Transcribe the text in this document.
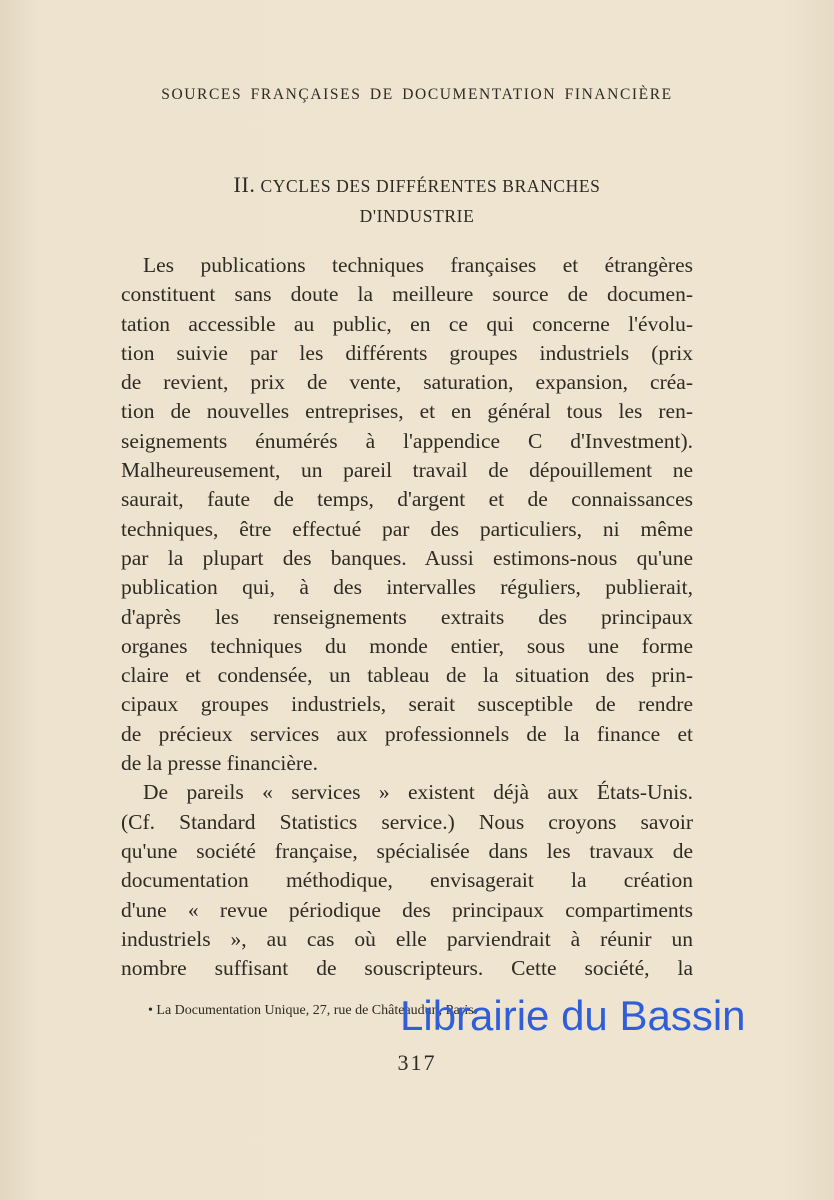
SOURCES FRANÇAISES DE DOCUMENTATION FINANCIÈRE
II. CYCLES DES DIFFÉRENTES BRANCHES
D'INDUSTRIE

Les publications techniques françaises et étrangères
constituent sans doute la meilleure source de documen-
tation accessible au public, en ce qui concerne l'évolu-
tion suivie par les différents groupes industriels (prix
de revient, prix de vente, saturation, expansion, créa-
tion de nouvelles entreprises, et en général tous les ren-
seignements énumérés à l'appendice C d'Investment).
Malheureusement, un pareil travail de dépouillement ne
saurait, faute de temps, d'argent et de connaissances
techniques, être effectué par des particuliers, ni même
par la plupart des banques. Aussi estimons-nous qu'une
publication qui, à des intervalles réguliers, publierait,
d'après les renseignements extraits des principaux
organes techniques du monde entier, sous une forme
claire et condensée, un tableau de la situation des prin-
cipaux groupes industriels, serait susceptible de rendre
de précieux services aux professionnels de la finance et
de la presse financière.

De pareils « services » existent déjà aux États-Unis.
(Cf. Standard Statistics service.) Nous croyons savoir
qu'une société française, spécialisée dans les travaux de
documentation méthodique, envisagerait la création
d'une « revue périodique des principaux compartiments
industriels », au cas où elle parviendrait à réunir un
nombre suffisant de souscripteurs. Cette société, la

• La Documentation Unique, 27, rue de Châteaudun, Paris.
317
Librairie du Bassin
